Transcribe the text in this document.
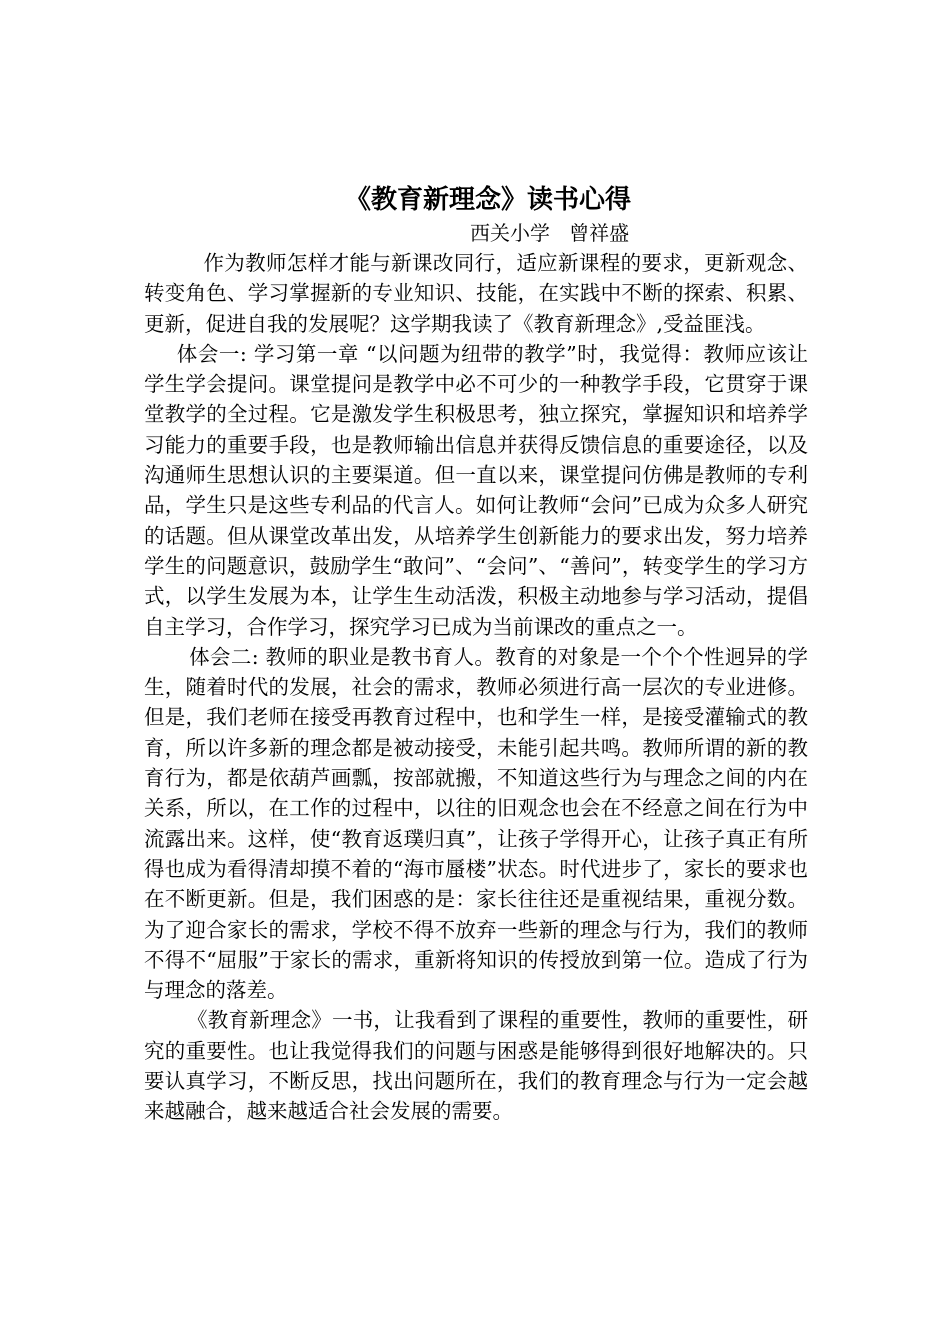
《教育新理念》读书心得
西关小学   曾祥盛

作为教师怎样才能与新课改同行，适应新课程的要求，更新观念、转变角色、学习掌握新的专业知识、技能，在实践中不断的探索、积累、更新，促进自我的发展呢？这学期我读了《教育新理念》,受益匪浅。

体会一: 学习第一章 “以问题为纽带的教学”时，我觉得：教师应该让学生学会提问。课堂提问是教学中必不可少的一种教学手段，它贯穿于课堂教学的全过程。它是激发学生积极思考，独立探究，掌握知识和培养学习能力的重要手段，也是教师输出信息并获得反馈信息的重要途径，以及沟通师生思想认识的主要渠道。但一直以来，课堂提问仿佛是教师的专利品，学生只是这些专利品的代言人。如何让教师“会问”已成为众多人研究的话题。但从课堂改革出发，从培养学生创新能力的要求出发，努力培养学生的问题意识，鼓励学生“敢问”、“会问”、“善问”，转变学生的学习方式，以学生发展为本，让学生生动活泼，积极主动地参与学习活动，提倡自主学习，合作学习，探究学习已成为当前课改的重点之一。

体会二: 教师的职业是教书育人。教育的对象是一个个个性迥异的学生，随着时代的发展，社会的需求，教师必须进行高一层次的专业进修。但是，我们老师在接受再教育过程中，也和学生一样，是接受灌输式的教育，所以许多新的理念都是被动接受，未能引起共鸣。教师所谓的新的教育行为，都是依葫芦画瓢，按部就搬，不知道这些行为与理念之间的内在关系，所以，在工作的过程中，以往的旧观念也会在不经意之间在行为中流露出来。这样，使“教育返璞归真”，让孩子学得开心，让孩子真正有所得也成为看得清却摸不着的“海市蜃楼”状态。时代进步了，家长的要求也在不断更新。但是，我们困惑的是：家长往往还是重视结果，重视分数。为了迎合家长的需求，学校不得不放弃一些新的理念与行为，我们的教师不得不“屈服”于家长的需求，重新将知识的传授放到第一位。造成了行为与理念的落差。

《教育新理念》一书，让我看到了课程的重要性，教师的重要性，研究的重要性。也让我觉得我们的问题与困惑是能够得到很好地解决的。只要认真学习，不断反思，找出问题所在，我们的教育理念与行为一定会越来越融合，越来越适合社会发展的需要。
